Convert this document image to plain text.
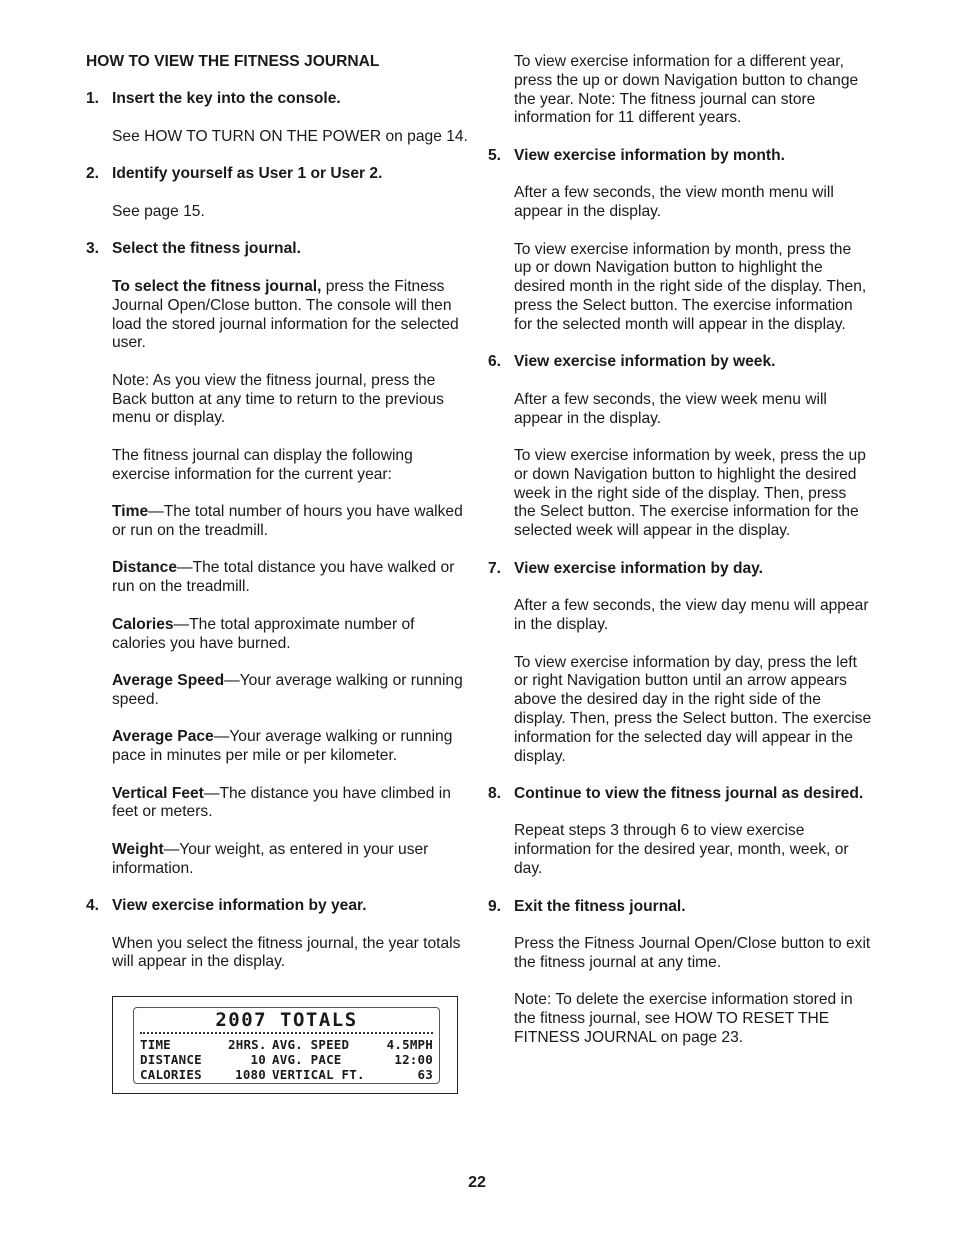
HOW TO VIEW THE FITNESS JOURNAL
1. Insert the key into the console.
See HOW TO TURN ON THE POWER on page 14.
2. Identify yourself as User 1 or User 2.
See page 15.
3. Select the fitness journal.
To select the fitness journal, press the Fitness Journal Open/Close button. The console will then load the stored journal information for the selected user.
Note: As you view the fitness journal, press the Back button at any time to return to the previous menu or display.
The fitness journal can display the following exercise information for the current year:
Time—The total number of hours you have walked or run on the treadmill.
Distance—The total distance you have walked or run on the treadmill.
Calories—The total approximate number of calories you have burned.
Average Speed—Your average walking or running speed.
Average Pace—Your average walking or running pace in minutes per mile or per kilometer.
Vertical Feet—The distance you have climbed in feet or meters.
Weight—Your weight, as entered in your user information.
4. View exercise information by year.
When you select the fitness journal, the year totals will appear in the display.
2007 TOTALS
TIME	2HRS. AVG. SPEED	4.5MPH
DISTANCE	10 AVG. PACE	12:00
CALORIES	1080 VERTICAL FT.	63
To view exercise information for a different year, press the up or down Navigation button to change the year. Note: The fitness journal can store information for 11 different years.
5. View exercise information by month.
After a few seconds, the view month menu will appear in the display.
To view exercise information by month, press the up or down Navigation button to highlight the desired month in the right side of the display. Then, press the Select button. The exercise information for the selected month will appear in the display.
6. View exercise information by week.
After a few seconds, the view week menu will appear in the display.
To view exercise information by week, press the up or down Navigation button to highlight the desired week in the right side of the display. Then, press the Select button. The exercise information for the selected week will appear in the display.
7. View exercise information by day.
After a few seconds, the view day menu will appear in the display.
To view exercise information by day, press the left or right Navigation button until an arrow appears above the desired day in the right side of the display. Then, press the Select button. The exercise information for the selected day will appear in the display.
8. Continue to view the fitness journal as desired.
Repeat steps 3 through 6 to view exercise information for the desired year, month, week, or day.
9. Exit the fitness journal.
Press the Fitness Journal Open/Close button to exit the fitness journal at any time.
Note: To delete the exercise information stored in the fitness journal, see HOW TO RESET THE FITNESS JOURNAL on page 23.
22
